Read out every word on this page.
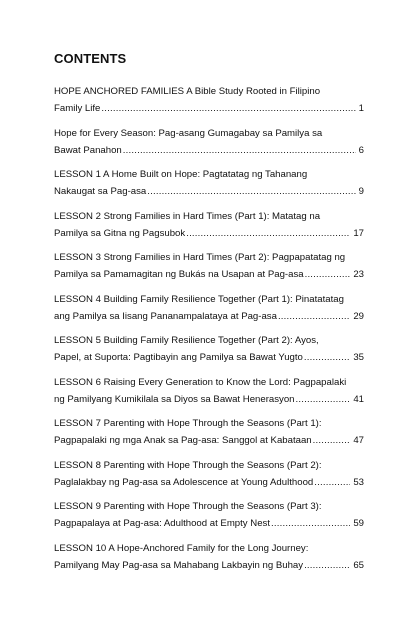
CONTENTS
HOPE ANCHORED FAMILIES A Bible Study Rooted in Filipino
Family Life .....	1
Hope for Every Season: Pag-asang Gumagabay sa Pamilya sa
Bawat Panahon .....	6
LESSON 1 A Home Built on Hope: Pagtatatag ng Tahanang
Nakaugat sa Pag-asa .....	9
LESSON 2 Strong Families in Hard Times (Part 1): Matatag na
Pamilya sa Gitna ng Pagsubok .....	17
LESSON 3 Strong Families in Hard Times (Part 2): Pagpapatatag ng
Pamilya sa Pamamagitan ng Bukás na Usapan at Pag-asa .....	23
LESSON 4 Building Family Resilience Together (Part 1): Pinatatatag
ang Pamilya sa Iisang Pananampalataya at Pag-asa .....	29
LESSON 5 Building Family Resilience Together (Part 2): Ayos,
Papel, at Suporta: Pagtibayin ang Pamilya sa Bawat Yugto .....	35
LESSON 6 Raising Every Generation to Know the Lord: Pagpapalaki
ng Pamilyang Kumikilala sa Diyos sa Bawat Henerasyon .....	41
LESSON 7 Parenting with Hope Through the Seasons (Part 1):
Pagpapalaki ng mga Anak sa Pag-asa: Sanggol at Kabataan .....	47
LESSON 8 Parenting with Hope Through the Seasons (Part 2):
Paglalakbay ng Pag-asa sa Adolescence at Young Adulthood .....	53
LESSON 9 Parenting with Hope Through the Seasons (Part 3):
Pagpapalaya at Pag-asa: Adulthood at Empty Nest .....	59
LESSON 10 A Hope-Anchored Family for the Long Journey:
Pamilyang May Pag-asa sa Mahabang Lakbayin ng Buhay .....	65
